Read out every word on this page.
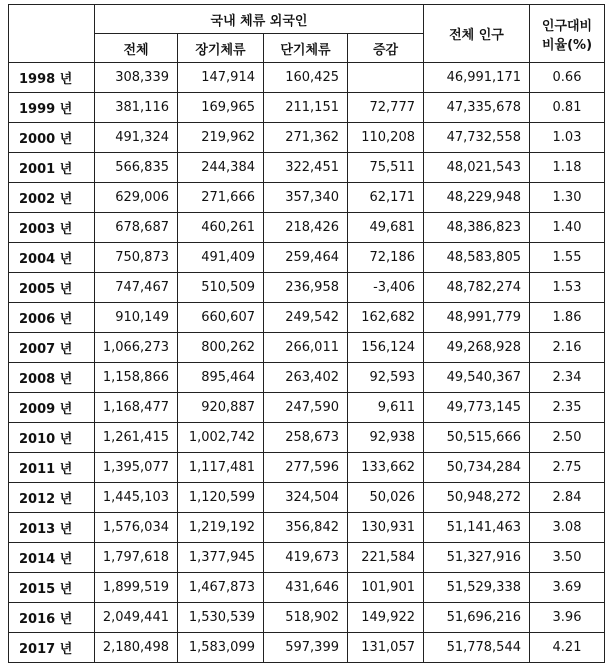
	국내 체류 외국인				전체 인구	인구대비
비율(%)
	전체	장기체류	단기체류	증감		
1998 년	308,339	147,914	160,425		46,991,171	0.66
1999 년	381,116	169,965	211,151	72,777	47,335,678	0.81
2000 년	491,324	219,962	271,362	110,208	47,732,558	1.03
2001 년	566,835	244,384	322,451	75,511	48,021,543	1.18
2002 년	629,006	271,666	357,340	62,171	48,229,948	1.30
2003 년	678,687	460,261	218,426	49,681	48,386,823	1.40
2004 년	750,873	491,409	259,464	72,186	48,583,805	1.55
2005 년	747,467	510,509	236,958	-3,406	48,782,274	1.53
2006 년	910,149	660,607	249,542	162,682	48,991,779	1.86
2007 년	1,066,273	800,262	266,011	156,124	49,268,928	2.16
2008 년	1,158,866	895,464	263,402	92,593	49,540,367	2.34
2009 년	1,168,477	920,887	247,590	9,611	49,773,145	2.35
2010 년	1,261,415	1,002,742	258,673	92,938	50,515,666	2.50
2011 년	1,395,077	1,117,481	277,596	133,662	50,734,284	2.75
2012 년	1,445,103	1,120,599	324,504	50,026	50,948,272	2.84
2013 년	1,576,034	1,219,192	356,842	130,931	51,141,463	3.08
2014 년	1,797,618	1,377,945	419,673	221,584	51,327,916	3.50
2015 년	1,899,519	1,467,873	431,646	101,901	51,529,338	3.69
2016 년	2,049,441	1,530,539	518,902	149,922	51,696,216	3.96
2017 년	2,180,498	1,583,099	597,399	131,057	51,778,544	4.21
